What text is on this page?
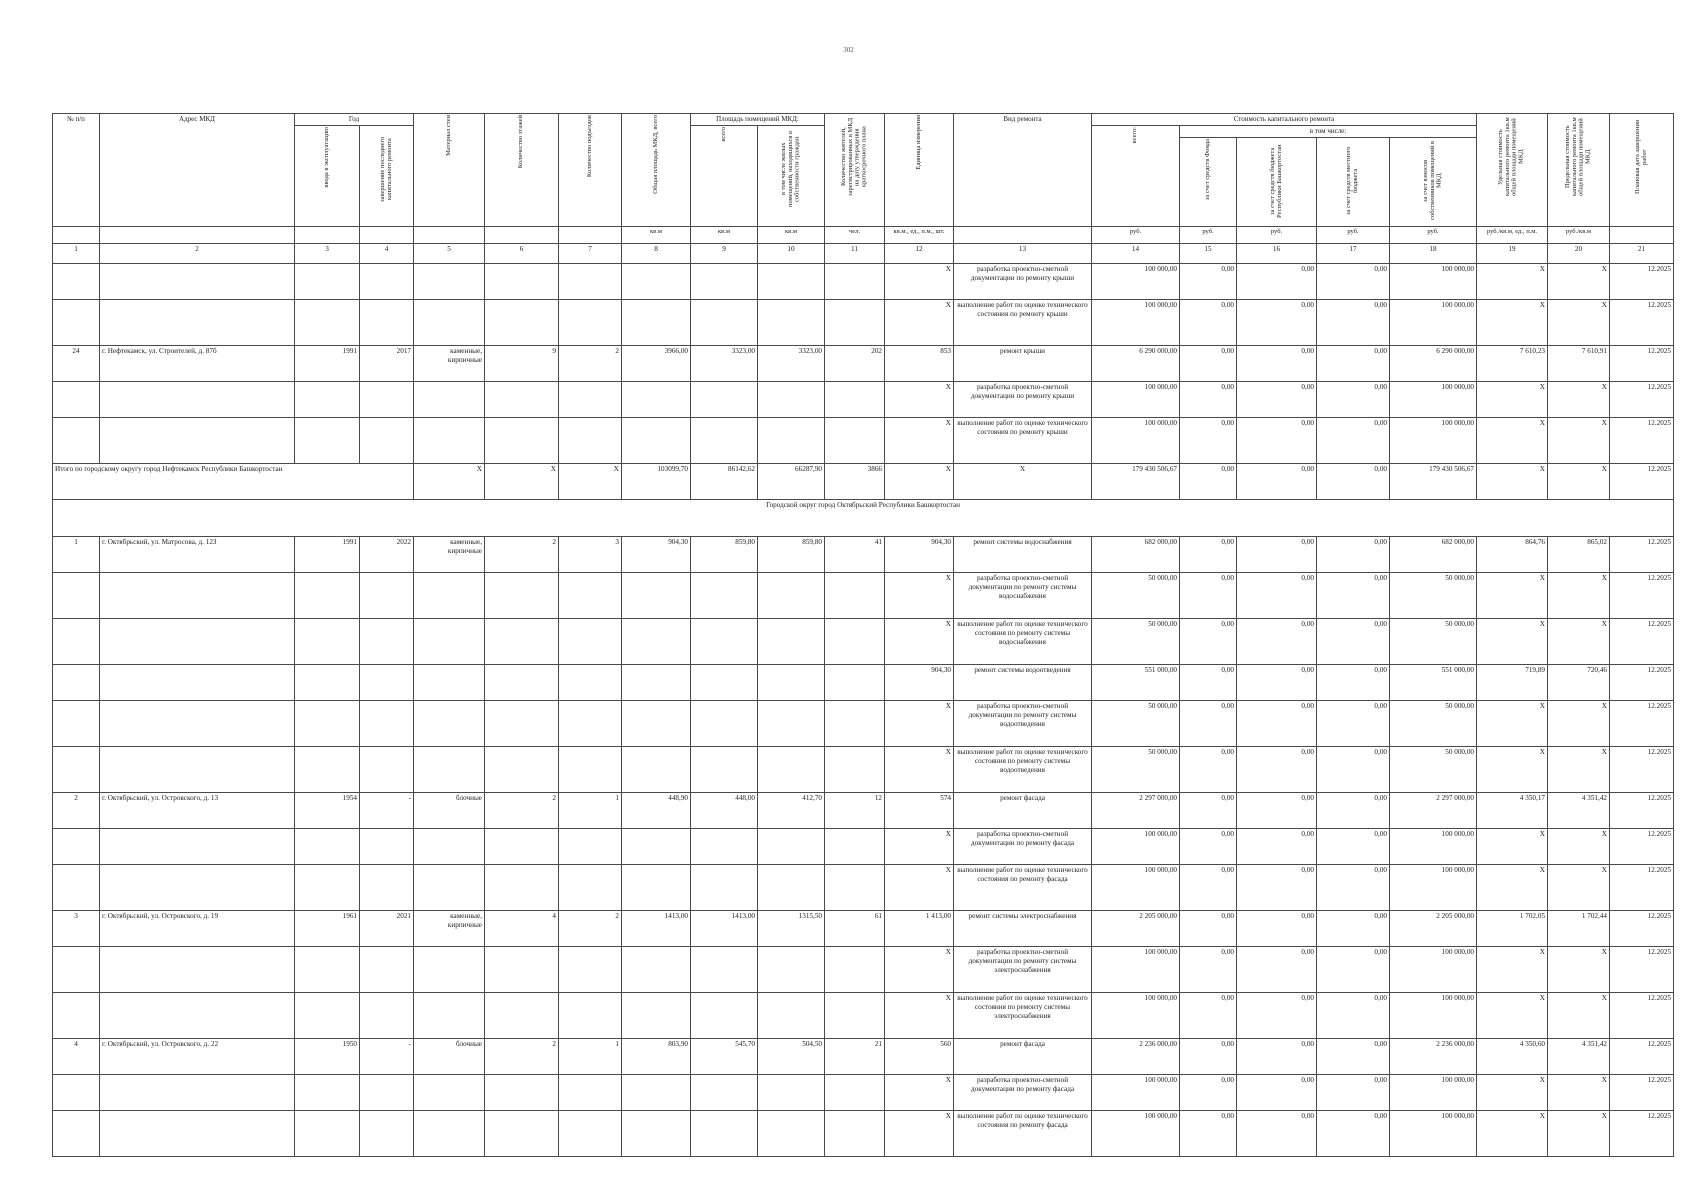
302
№ п/п	Адрес МКД	Год		Материал стен	Количество этажей	Количество подъездов	Общая площадь МКД, всего	Площадь помещений МКД:		Количество жителей, зарегистрированных в МКД на дату утверждения краткосрочного плана	Единица измерения	Вид ремонта	Стоимость капитального ремонта					Удельная стоимость капитального ремонта 1кв.м общей площади помещений МКД	Предельная стоимость капитального ремонта 1кв.м общей площади помещений МКД	Плановая дата завершения работ
		ввода в эксплуатацию	завершение последнего капитального ремонта					всего	в том числе жилых помещений, находящихся в собственности граждан				всего:	в том числе:						
														за счет средств Фонда	за счет средств бюджета Республики Башкортостан	за счет средств местного бюджета	за счет взносов собственников помещений в МКД			
							кв.м	кв.м	кв.м	чел.	кв.м., ед., п.м., шт.		руб.	руб.	руб.	руб.	руб.	руб./кв.м, ед., п.м.	руб./кв.м	
1	2	3	4	5	6	7	8	9	10	11	12	13	14	15	16	17	18	19	20	21
											X	разработка проектно-сметной документации по ремонту крыши	100 000,00	0,00	0,00	0,00	100 000,00	X	X	12.2025
											X	выполнение работ по оценке технического состояния по ремонту крыши	100 000,00	0,00	0,00	0,00	100 000,00	X	X	12.2025
24	г. Нефтекамск, ул. Строителей, д. 87б	1991	2017	каменные, кирпичные	9	2	3966,00	3323,00	3323,00	202	853	ремонт крыши	6 290 000,00	0,00	0,00	0,00	6 290 000,00	7 610,23	7 610,91	12.2025
											X	разработка проектно-сметной документации по ремонту крыши	100 000,00	0,00	0,00	0,00	100 000,00	X	X	12.2025
											X	выполнение работ по оценке технического состояния по ремонту крыши	100 000,00	0,00	0,00	0,00	100 000,00	X	X	12.2025
Итого по городскому округу город Нефтекамск Республики Башкортостан				X	X	X	103099,70	86142,62	66287,90	3866	X	X	179 430 506,67	0,00	0,00	0,00	179 430 506,67	X	X	12.2025
Городской округ город Октябрьский Республики Башкортостан																				
1	г. Октябрьский, ул. Матросова, д. 12З	1991	2022	каменные, кирпичные	2	3	904,30	859,80	859,80	41	904,30	ремонт системы водоснабжения	682 000,00	0,00	0,00	0,00	682 000,00	864,76	865,02	12.2025
											X	разработка проектно-сметной документации по ремонту системы водоснабжения	50 000,00	0,00	0,00	0,00	50 000,00	X	X	12.2025
											X	выполнение работ по оценке технического состояния по ремонту системы водоснабжения	50 000,00	0,00	0,00	0,00	50 000,00	X	X	12.2025
											904,30	ремонт системы водоотведения	551 000,00	0,00	0,00	0,00	551 000,00	719,89	720,46	12.2025
											X	разработка проектно-сметной документации по ремонту системы водоотведения	50 000,00	0,00	0,00	0,00	50 000,00	X	X	12.2025
											X	выполнение работ по оценке технического состояния по ремонту системы водоотведения	50 000,00	0,00	0,00	0,00	50 000,00	X	X	12.2025
2	г. Октябрьский, ул. Островского, д. 13	1954	-	блочные	2	1	448,90	448,00	412,70	12	574	ремонт фасада	2 297 000,00	0,00	0,00	0,00	2 297 000,00	4 350,17	4 351,42	12.2025
											X	разработка проектно-сметной документации по ремонту фасада	100 000,00	0,00	0,00	0,00	100 000,00	X	X	12.2025
											X	выполнение работ по оценке технического состояния по ремонту фасада	100 000,00	0,00	0,00	0,00	100 000,00	X	X	12.2025
3	г. Октябрьский, ул. Островского, д. 19	1961	2021	каменные, кирпичные	4	2	1413,00	1413,00	1315,50	61	1 413,00	ремонт системы электроснабжения	2 205 000,00	0,00	0,00	0,00	2 205 000,00	1 702,05	1 702,44	12.2025
											X	разработка проектно-сметной документации по ремонту системы электроснабжения	100 000,00	0,00	0,00	0,00	100 000,00	X	X	12.2025
											X	выполнение работ по оценке технического состояния по ремонту системы электроснабжения	100 000,00	0,00	0,00	0,00	100 000,00	X	X	12.2025
4	г. Октябрьский, ул. Островского, д. 22	1950	-	блочные	2	1	803,90	545,70	504,50	21	560	ремонт фасада	2 236 000,00	0,00	0,00	0,00	2 236 000,00	4 350,60	4 351,42	12.2025
											X	разработка проектно-сметной документации по ремонту фасада	100 000,00	0,00	0,00	0,00	100 000,00	X	X	12.2025
											X	выполнение работ по оценке технического состояния по ремонту фасада	100 000,00	0,00	0,00	0,00	100 000,00	X	X	12.2025
